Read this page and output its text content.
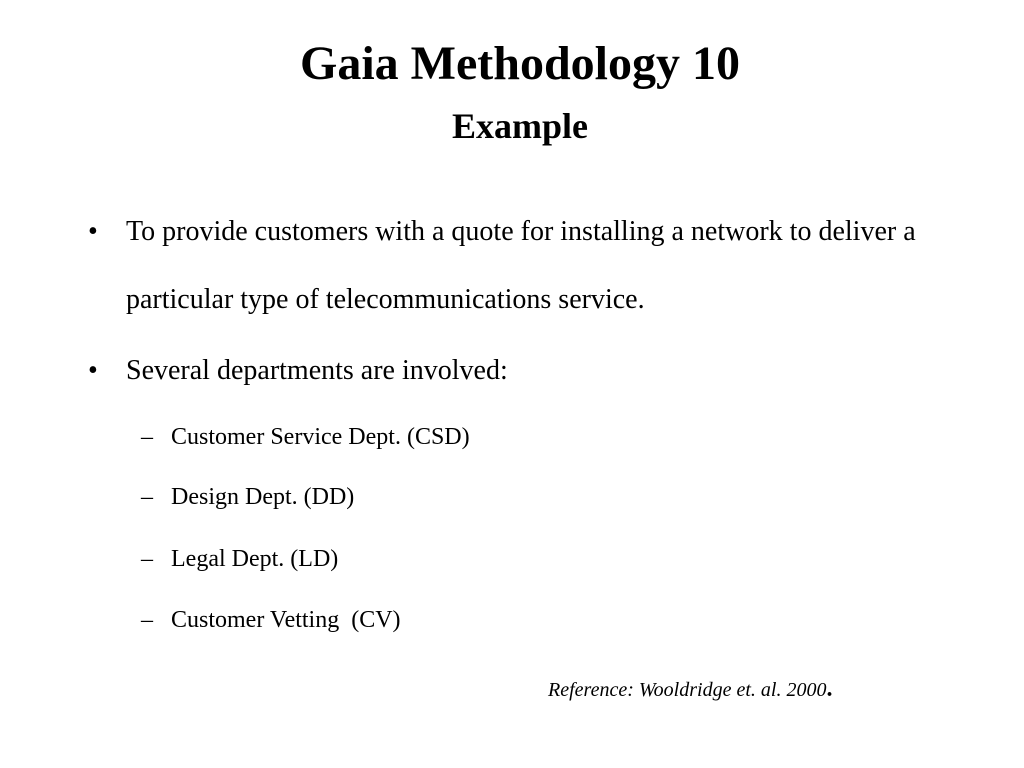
Gaia Methodology 10
Example
• To provide customers with a quote for installing a network to deliver a particular type of telecommunications service.
• Several departments are involved:
– Customer Service Dept. (CSD)
– Design Dept. (DD)
– Legal Dept. (LD)
– Customer Vetting  (CV)
Reference: Wooldridge et. al. 2000.
